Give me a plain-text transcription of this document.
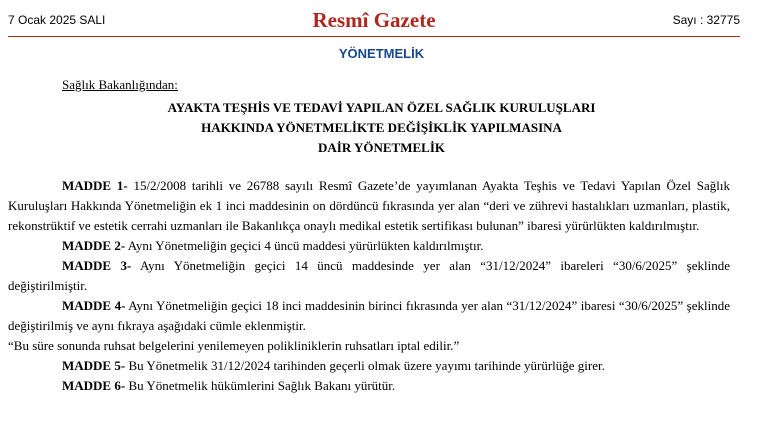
7 Ocak 2025 SALI	Resmî Gazete	Sayı : 32775
YÖNETMELİK
Sağlık Bakanlığından:
AYAKTA TEŞHİS VE TEDAVİ YAPILAN ÖZEL SAĞLIK KURULUŞLARI
HAKKINDA YÖNETMELİKTE DEĞİŞİKLİK YAPILMASINA
DAİR YÖNETMELİK

MADDE 1- 15/2/2008 tarihli ve 26788 sayılı Resmî Gazete’de yayımlanan Ayakta Teşhis ve Tedavi Yapılan Özel Sağlık Kuruluşları Hakkında Yönetmeliğin ek 1 inci maddesinin on dördüncü fıkrasında yer alan “deri ve zührevi hastalıkları uzmanları, plastik, rekonstrüktif ve estetik cerrahi uzmanları ile Bakanlıkça onaylı medikal estetik sertifikası bulunan” ibaresi yürürlükten kaldırılmıştır.

MADDE 2- Aynı Yönetmeliğin geçici 4 üncü maddesi yürürlükten kaldırılmıştır.

MADDE 3- Aynı Yönetmeliğin geçici 14 üncü maddesinde yer alan “31/12/2024” ibareleri “30/6/2025” şeklinde değiştirilmiştir.

MADDE 4- Aynı Yönetmeliğin geçici 18 inci maddesinin birinci fıkrasında yer alan “31/12/2024” ibaresi “30/6/2025” şeklinde değiştirilmiş ve aynı fıkraya aşağıdaki cümle eklenmiştir.

“Bu süre sonunda ruhsat belgelerini yenilemeyen polikliniklerin ruhsatları iptal edilir.”

MADDE 5- Bu Yönetmelik 31/12/2024 tarihinden geçerli olmak üzere yayımı tarihinde yürürlüğe girer.

MADDE 6- Bu Yönetmelik hükümlerini Sağlık Bakanı yürütür.
